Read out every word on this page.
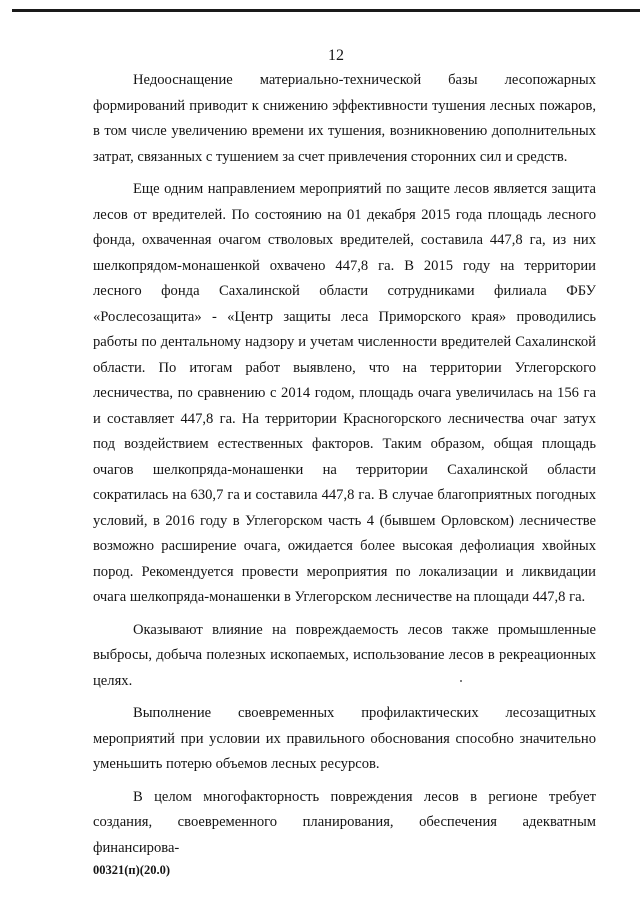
12

Недооснащение материально-технической базы лесопожарных формирований приводит к снижению эффективности тушения лесных пожаров, в том числе увеличению времени их тушения, возникновению дополнительных затрат, связанных с тушением за счет привлечения сторонних сил и средств.

Еще одним направлением мероприятий по защите лесов является защита лесов от вредителей. По состоянию на 01 декабря 2015 года площадь лесного фонда, охваченная очагом стволовых вредителей, составила 447,8 га, из них шелкопрядом-монашенкой охвачено 447,8 га. В 2015 году на территории лесного фонда Сахалинской области сотрудниками филиала ФБУ «Рослесозащита» - «Центр защиты леса Приморского края» проводились работы по дентальному надзору и учетам численности вредителей Сахалинской области. По итогам работ выявлено, что на территории Углегорского лесничества, по сравнению с 2014 годом, площадь очага увеличилась на 156 га и составляет 447,8 га. На территории Красногорского лесничества очаг затух под воздействием естественных факторов. Таким образом, общая площадь очагов шелкопряда-монашенки на территории Сахалинской области сократилась на 630,7 га и составила 447,8 га. В случае благоприятных погодных условий, в 2016 году в Углегорском часть 4 (бывшем Орловском) лесничестве возможно расширение очага, ожидается более высокая дефолиация хвойных пород. Рекомендуется провести мероприятия по локализации и ликвидации очага шелкопряда-монашенки в Углегорском лесничестве на площади 447,8 га.

Оказывают влияние на повреждаемость лесов также промышленные выбросы, добыча полезных ископаемых, использование лесов в рекреационных целях.

Выполнение своевременных профилактических лесозащитных мероприятий при условии их правильного обоснования способно значительно уменьшить потерю объемов лесных ресурсов.

В целом многофакторность повреждения лесов в регионе требует создания, своевременного планирования, обеспечения адекватным финансирова-

00321(п)(20.0)
